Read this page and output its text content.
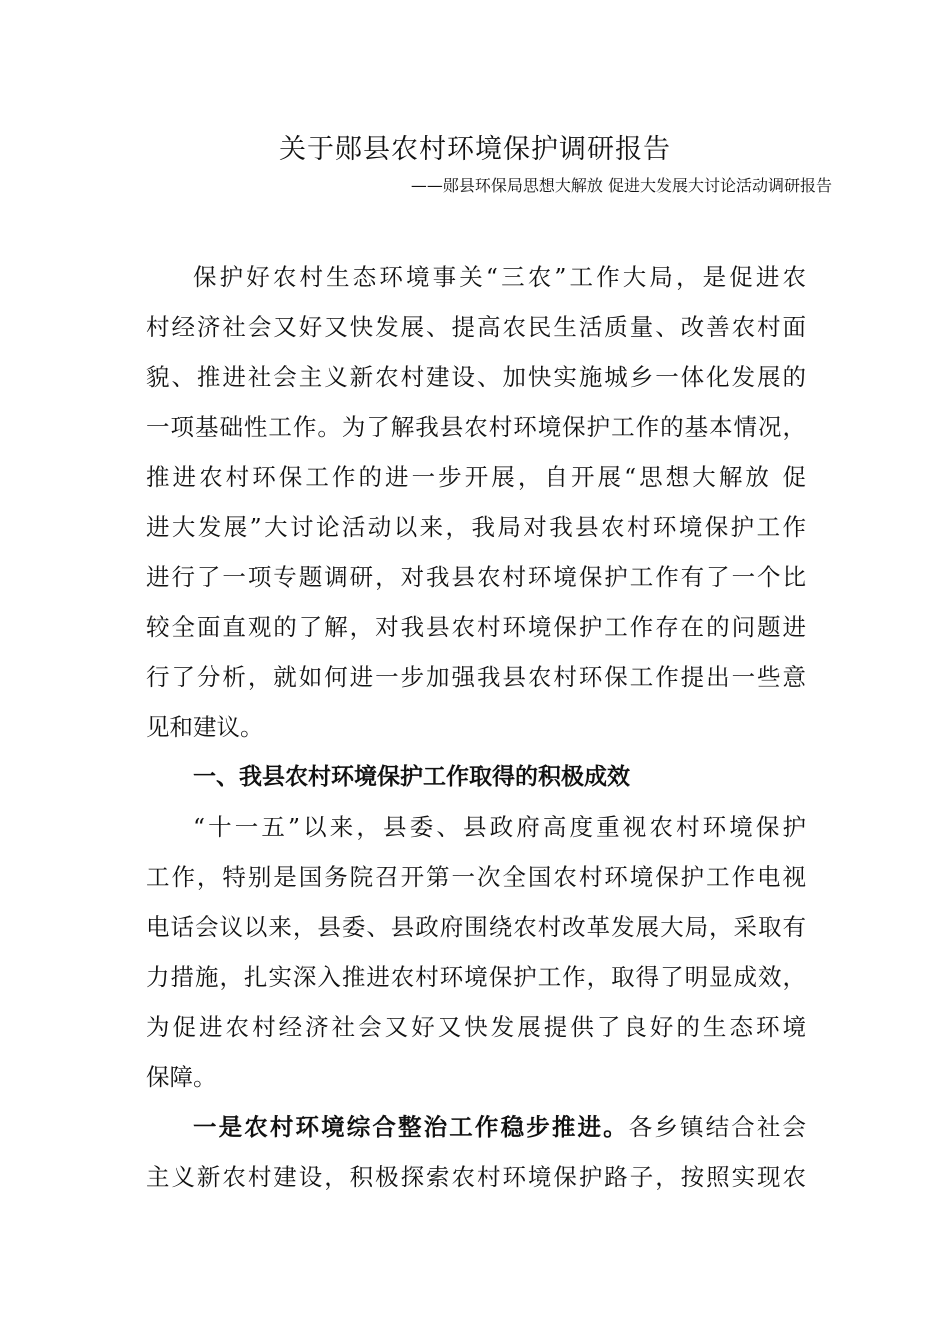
关于郧县农村环境保护调研报告
——郧县环保局思想大解放 促进大发展大讨论活动调研报告
保护好农村生态环境事关“三农”工作大局，是促进农
村经济社会又好又快发展、提高农民生活质量、改善农村面
貌、推进社会主义新农村建设、加快实施城乡一体化发展的
一项基础性工作。为了解我县农村环境保护工作的基本情况，
推进农村环保工作的进一步开展，自开展“思想大解放 促
进大发展”大讨论活动以来，我局对我县农村环境保护工作
进行了一项专题调研，对我县农村环境保护工作有了一个比
较全面直观的了解，对我县农村环境保护工作存在的问题进
行了分析，就如何进一步加强我县农村环保工作提出一些意
见和建议。
一、我县农村环境保护工作取得的积极成效
“十一五”以来，县委、县政府高度重视农村环境保护
工作，特别是国务院召开第一次全国农村环境保护工作电视
电话会议以来，县委、县政府围绕农村改革发展大局，采取有
力措施，扎实深入推进农村环境保护工作，取得了明显成效，
为促进农村经济社会又好又快发展提供了良好的生态环境
保障。
一是农村环境综合整治工作稳步推进。各乡镇结合社会
主义新农村建设，积极探索农村环境保护路子，按照实现农
